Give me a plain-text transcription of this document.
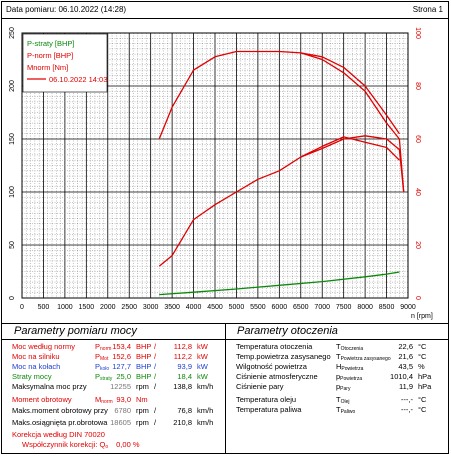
Data pomiaru: 06.10.2022 (14:28)	Strona 1
0 500 1000 1500 2000 2500 3000 3500 4000 4500 5000 5500 6000 6500 7000 7500 8000 8500 9000
n [rpm]
0
50
100
150
200
250
0
20
40
60
80
100
P-straty [BHP]
P-norm [BHP]
Mnorm [Nm]
06.10.2022 14:03
Parametry pomiaru mocy	Parametry otoczenia
Moc według normy	$P_{norm}$ 153,4 BHP / 112,8 kW
Moc na silniku	$P_{Mot}$ 152,6 BHP / 112,2 kW
Moc na kołach	$P_{koło}$ 127,7 BHP /	93,9 kW
Straty mocy	$P_{straty}$ 25,0 BHP /	18,4 kW
Maksymalna moc przy	12255 rpm / 138,8 km/h
Moment obrotowy	$M_{norm}$ 93,0 Nm
Maks.moment obrotowy przy 6780 rpm /	76,8 km/h
Maks.osiągnięta pr.obrotowa 18605 rpm / 210,8 km/h
Korekcja według DIN 70020
Współczynnik korekcji: $Q_o$ 0,00 %
Temperatura otoczenia	$T_{Otoczenia}$	22,6 °C
Temp.powietrza zasysanego $T_{Powietrza zasysanego}$ 21,6 °C
Wilgotność powietrza	$H_{Powietrza}$	43,5 %
Ciśnienie atmosferyczne $p_{Powietrza}$	1010,4 hPa
Ciśnienie pary	$p_{Pary}$	11,9 hPa
Temperatura oleju	$T_{Olej}$	---,- °C
Temperatura paliwa	$T_{Paliwo}$	---,- °C
